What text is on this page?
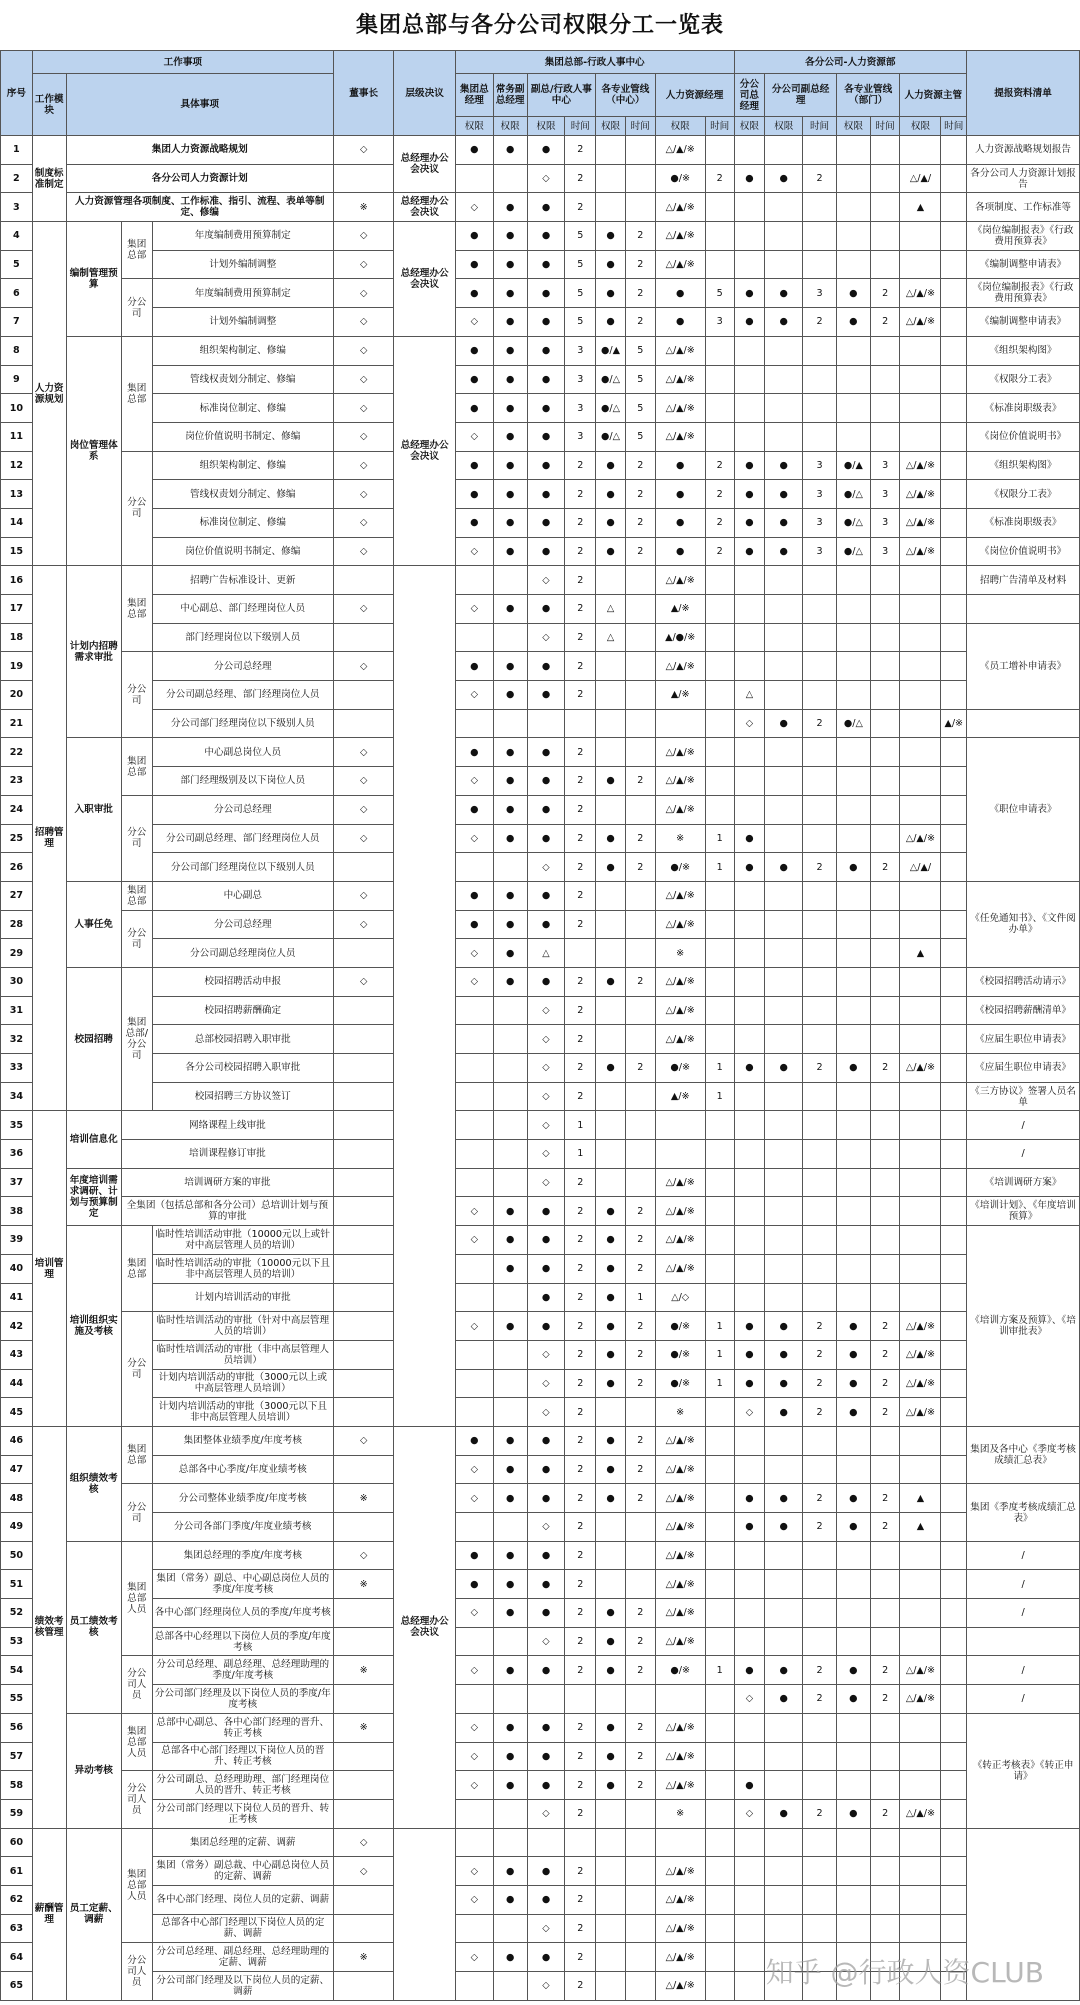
集团总部与各分公司权限分工一览表
序号	工作事项				董事长	层级决议	集团总部-行政人事中心								各分公司-人力资源部							提报资料清单
	工作模块	具体事项					集团总经理	常务副总经理	副总/行政人事中心		各专业管线（中心）		人力资源经理		分公司总经理	分公司副总经理		各专业管线（部门）		人力资源主管		
							权限	权限	权限	时间	权限	时间	权限	时间	权限	权限	时间	权限	时间	权限	时间	
1	制度标准制定	集团人力资源战略规划			◇	总经理办公会决议	●	●	●	2			△/▲/※									人力资源战略规划报告
2		各分公司人力资源计划							◇	2			●/※	2	●	●	2			△/▲/		各分公司人力资源计划报告
3		人力资源管理各项制度、工作标准、指引、流程、表单等制定、修编			※	总经理办公会决议	◇	●	●	2			△/▲/※							▲		各项制度、工作标准等
4	人力资源规划	编制管理预算	集团总部	年度编制费用预算制定	◇	总经理办公会决议	●	●	●	5	●	2	△/▲/※									《岗位编制报表》《行政费用预算表》
5				计划外编制调整	◇		●	●	●	5	●	2	△/▲/※									《编制调整申请表》
6			分公司	年度编制费用预算制定	◇		●	●	●	5	●	2	●	5	●	●	3	●	2	△/▲/※		《岗位编制报表》《行政费用预算表》
7				计划外编制调整	◇		◇	●	●	5	●	2	●	3	●	●	2	●	2	△/▲/※		《编制调整申请表》
8		岗位管理体系	集团总部	组织架构制定、修编	◇	总经理办公会决议	●	●	●	3	●/▲	5	△/▲/※									《组织架构图》
9				管线权责划分制定、修编	◇		●	●	●	3	●/△	5	△/▲/※									《权限分工表》
10				标准岗位制定、修编	◇		●	●	●	3	●/△	5	△/▲/※									《标准岗职级表》
11				岗位价值说明书制定、修编	◇		◇	●	●	3	●/△	5	△/▲/※									《岗位价值说明书》
12			分公司	组织架构制定、修编	◇		●	●	●	2	●	2	●	2	●	●	3	●/▲	3	△/▲/※		《组织架构图》
13				管线权责划分制定、修编	◇		●	●	●	2	●	2	●	2	●	●	3	●/△	3	△/▲/※		《权限分工表》
14				标准岗位制定、修编	◇		●	●	●	2	●	2	●	2	●	●	3	●/△	3	△/▲/※		《标准岗职级表》
15				岗位价值说明书制定、修编	◇		◇	●	●	2	●	2	●	2	●	●	3	●/△	3	△/▲/※		《岗位价值说明书》
16	招聘管理	计划内招聘需求审批	集团总部	招聘广告标准设计、更新					◇	2			△/▲/※									招聘广告清单及材料
17				中心副总、部门经理岗位人员	◇		◇	●	●	2	△		▲/※									
18				部门经理岗位以下级别人员					◇	2	△		▲/●/※									《员工增补申请表》
19			分公司	分公司总经理	◇		●	●	●	2			△/▲/※									
20				分公司副总经理、部门经理岗位人员			◇	●	●	2			▲/※		△							
21				分公司部门经理岗位以下级别人员											◇	●	2	●/△			▲/※	
22		入职审批	集团总部	中心副总岗位人员	◇		●	●	●	2			△/▲/※									《职位申请表》
23				部门经理级别及以下岗位人员	◇		◇	●	●	2	●	2	△/▲/※									
24			分公司	分公司总经理	◇		●	●	●	2			△/▲/※									
25				分公司副总经理、部门经理岗位人员	◇		◇	●	●	2	●	2	※	1	●					△/▲/※		
26				分公司部门经理岗位以下级别人员					◇	2	●	2	●/※	1	●	●	2	●	2	△/▲/		
27		人事任免	集团总部	中心副总	◇		●	●	●	2			△/▲/※									《任免通知书》、《文件阅办单》
28			分公司	分公司总经理	◇		●	●	●	2			△/▲/※									
29				分公司副总经理岗位人员			◇	●	△				※							▲		
30		校园招聘	集团总部/分公司	校园招聘活动申报	◇		◇	●	●	2	●	2	△/▲/※									《校园招聘活动请示》
31				校园招聘薪酬确定					◇	2			△/▲/※									《校园招聘薪酬清单》
32				总部校园招聘入职审批					◇	2			△/▲/※									《应届生职位申请表》
33				各分公司校园招聘入职审批					◇	2	●	2	●/※	1	●	●	2	●	2	△/▲/※		《应届生职位申请表》
34				校园招聘三方协议签订					◇	2			▲/※	1								《三方协议》签署人员名单
35	培训管理	培训信息化	网络课程上线审批						◇	1												/
36			培训课程修订审批						◇	1												/
37		年度培训需求调研、计划与预算制定	培训调研方案的审批						◇	2			△/▲/※									《培训调研方案》
38			全集团（包括总部和各分公司）总培训计划与预算的审批				◇	●	●	2	●	2	△/▲/※									《培训计划》、《年度培训预算》
39		培训组织实施及考核	集团总部	临时性培训活动审批（10000元以上或针对中高层管理人员的培训）			◇	●	●	2	●	2	△/▲/※									《培训方案及预算》、《培训审批表》
40				临时性培训活动的审批（10000元以下且非中高层管理人员的培训）				●	●	2	●	2	△/▲/※									
41				计划内培训活动的审批					●	2	●	1	△/◇									
42			分公司	临时性培训活动的审批（针对中高层管理人员的培训）			◇	●	●	2	●	2	●/※	1	●	●	2	●	2	△/▲/※		
43				临时性培训活动的审批（非中高层管理人员培训）					◇	2	●	2	●/※	1	●	●	2	●	2	△/▲/※		
44				计划内培训活动的审批（3000元以上或中高层管理人员培训）					◇	2	●	2	●/※	1	●	●	2	●	2	△/▲/※		
45				计划内培训活动的审批（3000元以下且非中高层管理人员培训）					◇	2			※		◇	●	2	●	2	△/▲/※		
46	绩效考核管理	组织绩效考核	集团总部	集团整体业绩季度/年度考核	◇	总经理办公会决议	●	●	●	2	●	2	△/▲/※									集团及各中心《季度考核成绩汇总表》
47				总部各中心季度/年度业绩考核			◇	●	●	2	●	2	△/▲/※									
48			分公司	分公司整体业绩季度/年度考核	※		◇	●	●	2	●	2	△/▲/※		●	●	2	●	2	▲		集团《季度考核成绩汇总表》
49				分公司各部门季度/年度业绩考核					◇	2			△/▲/※		●	●	2	●	2	▲		
50		员工绩效考核	集团总部人员	集团总经理的季度/年度考核	◇		●	●	●	2			△/▲/※									/
51				集团（常务）副总、中心副总岗位人员的季度/年度考核	※		●	●	●	2			△/▲/※									/
52				各中心部门经理岗位人员的季度/年度考核			◇	●	●	2	●	2	△/▲/※									/
53				总部各中心经理以下岗位人员的季度/年度考核					◇	2	●	2	△/▲/※									
54			分公司人员	分公司总经理、副总经理、总经理助理的季度/年度考核	※		◇	●	●	2	●	2	●/※	1	●	●	2	●	2	△/▲/※		/
55				分公司部门经理及以下岗位人员的季度/年度考核											◇	●	2	●	2	△/▲/※		/
56		异动考核	集团总部人员	总部中心副总、各中心部门经理的晋升、转正考核	※		◇	●	●	2	●	2	△/▲/※									《转正考核表》《转正申请》
57				总部各中心部门经理以下岗位人员的晋升、转正考核			◇	●	●	2	●	2	△/▲/※									
58			分公司人员	分公司副总、总经理助理、部门经理岗位人员的晋升、转正考核			◇	●	●	2	●	2	△/▲/※		●							
59				分公司部门经理以下岗位人员的晋升、转正考核					◇	2			※		◇	●	2	●	2	△/▲/※		
60	薪酬管理	员工定薪、调薪	集团总部人员	集团总经理的定薪、调薪	◇																	
61				集团（常务）副总裁、中心副总岗位人员的定薪、调薪	◇		◇	●	●	2			△/▲/※									
62				各中心部门经理、岗位人员的定薪、调薪			◇	●	●	2			△/▲/※									
63				总部各中心部门经理以下岗位人员的定薪、调薪					◇	2			△/▲/※									
64			分公司人员	分公司总经理、副总经理、总经理助理的定薪、调薪	※		◇	●	●	2			△/▲/※									
65				分公司部门经理及以下岗位人员的定薪、调薪					◇	2			△/▲/※										知乎 @行政人资CLUB
